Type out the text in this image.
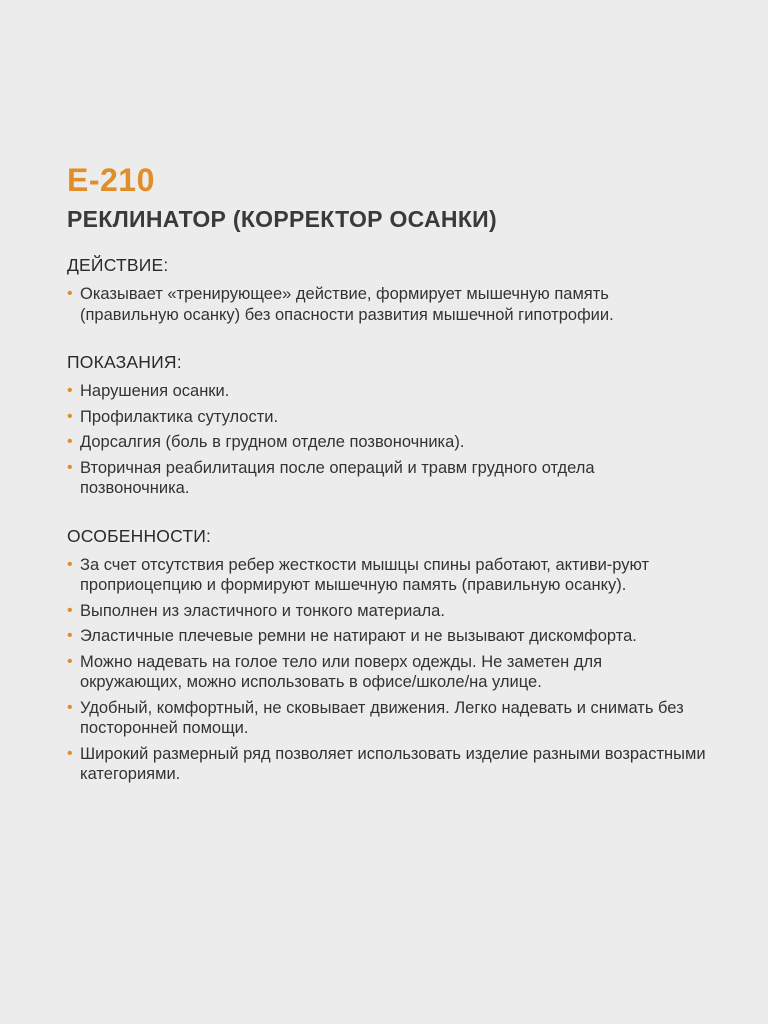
E-210
РЕКЛИНАТОР (КОРРЕКТОР ОСАНКИ)
ДЕЙСТВИЕ:
• Оказывает «тренирующее» действие, формирует мышечную память (правильную осанку) без опасности развития мышечной гипотрофии.
ПОКАЗАНИЯ:
• Нарушения осанки.
• Профилактика сутулости.
• Дорсалгия (боль в грудном отделе позвоночника).
• Вторичная реабилитация после операций и травм грудного отдела позвоночника.
ОСОБЕННОСТИ:
• За счет отсутствия ребер жесткости мышцы спины работают, активи-руют проприоцепцию и формируют мышечную память (правильную осанку).
• Выполнен из эластичного и тонкого материала.
• Эластичные плечевые ремни не натирают и не вызывают дискомфорта.
• Можно надевать на голое тело или поверх одежды. Не заметен для окружающих, можно использовать в офисе/школе/на улице.
• Удобный, комфортный, не сковывает движения. Легко надевать и снимать без посторонней помощи.
• Широкий размерный ряд позволяет использовать изделие разными возрастными категориями.
